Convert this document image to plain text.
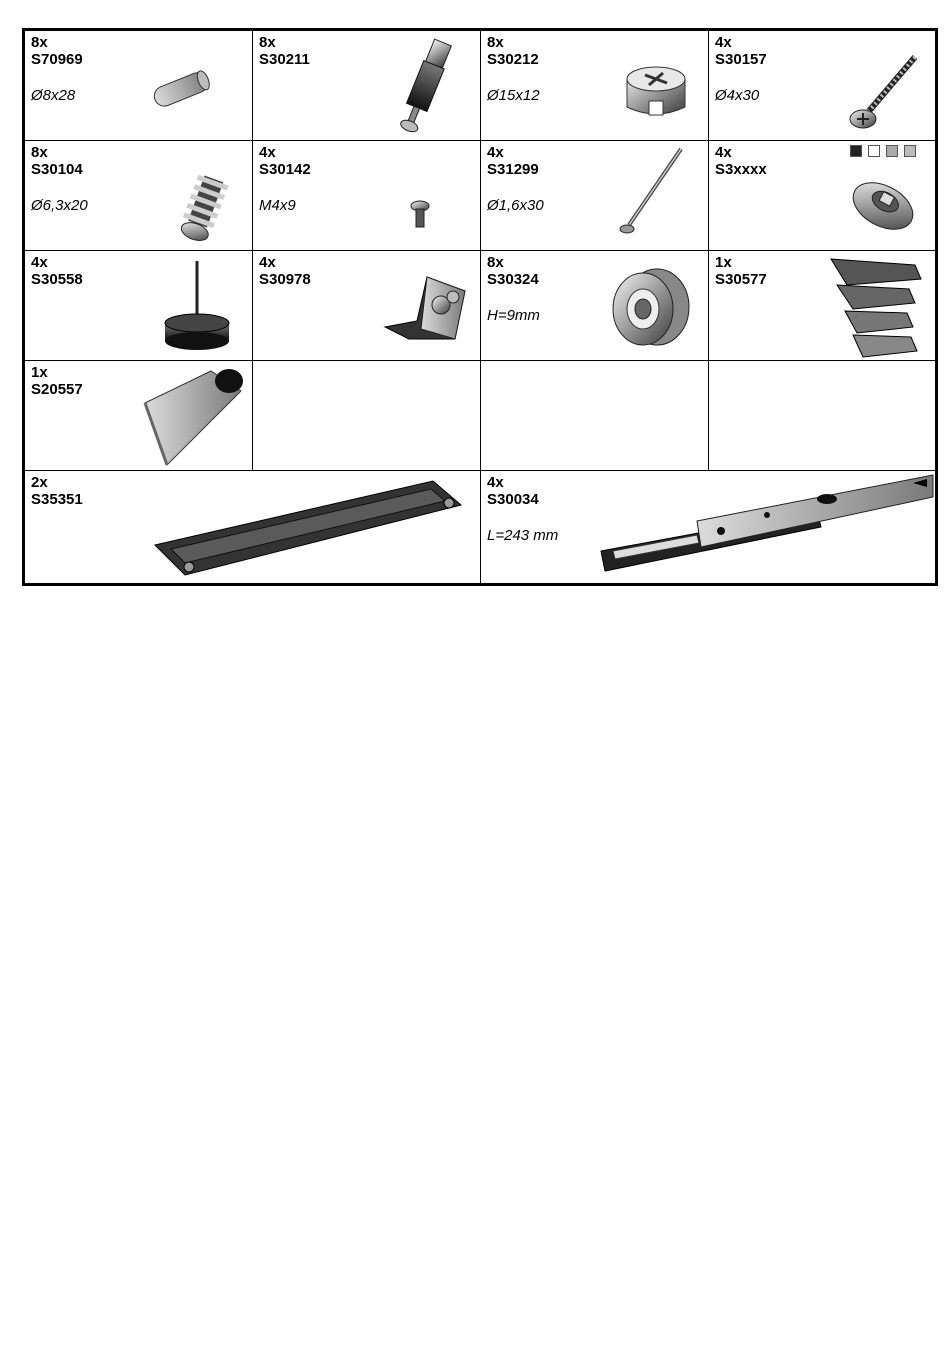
8x
S70969
Ø8x28
8x
S30211
8x
S30212
Ø15x12
4x
S30157
Ø4x30
8x
S30104
Ø6,3x20
4x
S30142
M4x9
4x
S31299
Ø1,6x30
4x
S3xxxx
4x
S30558
4x
S30978
8x
S30324
H=9mm
1x
S30577
1x
S20557
2x
S35351
4x
S30034
L=243 mm
